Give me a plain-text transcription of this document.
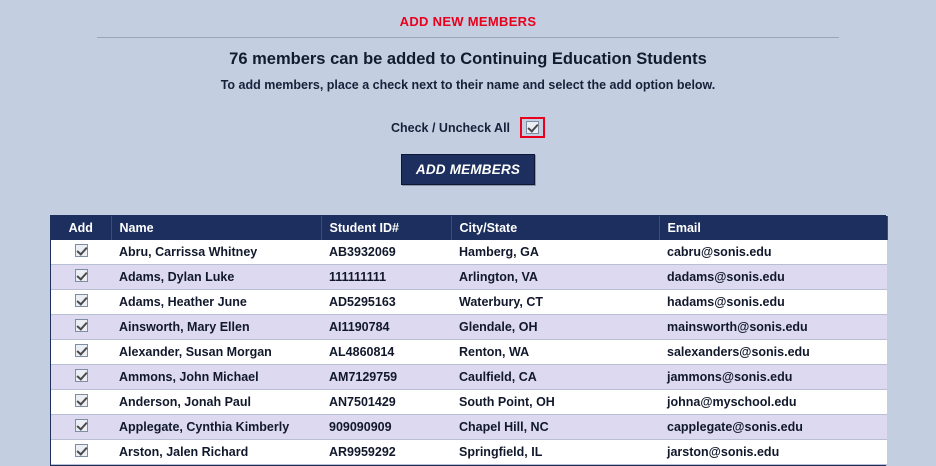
ADD NEW MEMBERS
76 members can be added to Continuing Education Students
To add members, place a check next to their name and select the add option below.
Check / Uncheck All
ADD MEMBERS
Add	Name	Student ID#	City/State	Email
	Abru, Carrissa Whitney	AB3932069	Hamberg, GA	cabru@sonis.edu
	Adams, Dylan Luke	111111111	Arlington, VA	dadams@sonis.edu
	Adams, Heather June	AD5295163	Waterbury, CT	hadams@sonis.edu
	Ainsworth, Mary Ellen	AI1190784	Glendale, OH	mainsworth@sonis.edu
	Alexander, Susan Morgan	AL4860814	Renton, WA	salexanders@sonis.edu
	Ammons, John Michael	AM7129759	Caulfield, CA	jammons@sonis.edu
	Anderson, Jonah Paul	AN7501429	South Point, OH	johna@myschool.edu
	Applegate, Cynthia Kimberly	909090909	Chapel Hill, NC	capplegate@sonis.edu
	Arston, Jalen Richard	AR9959292	Springfield, IL	jarston@sonis.edu
